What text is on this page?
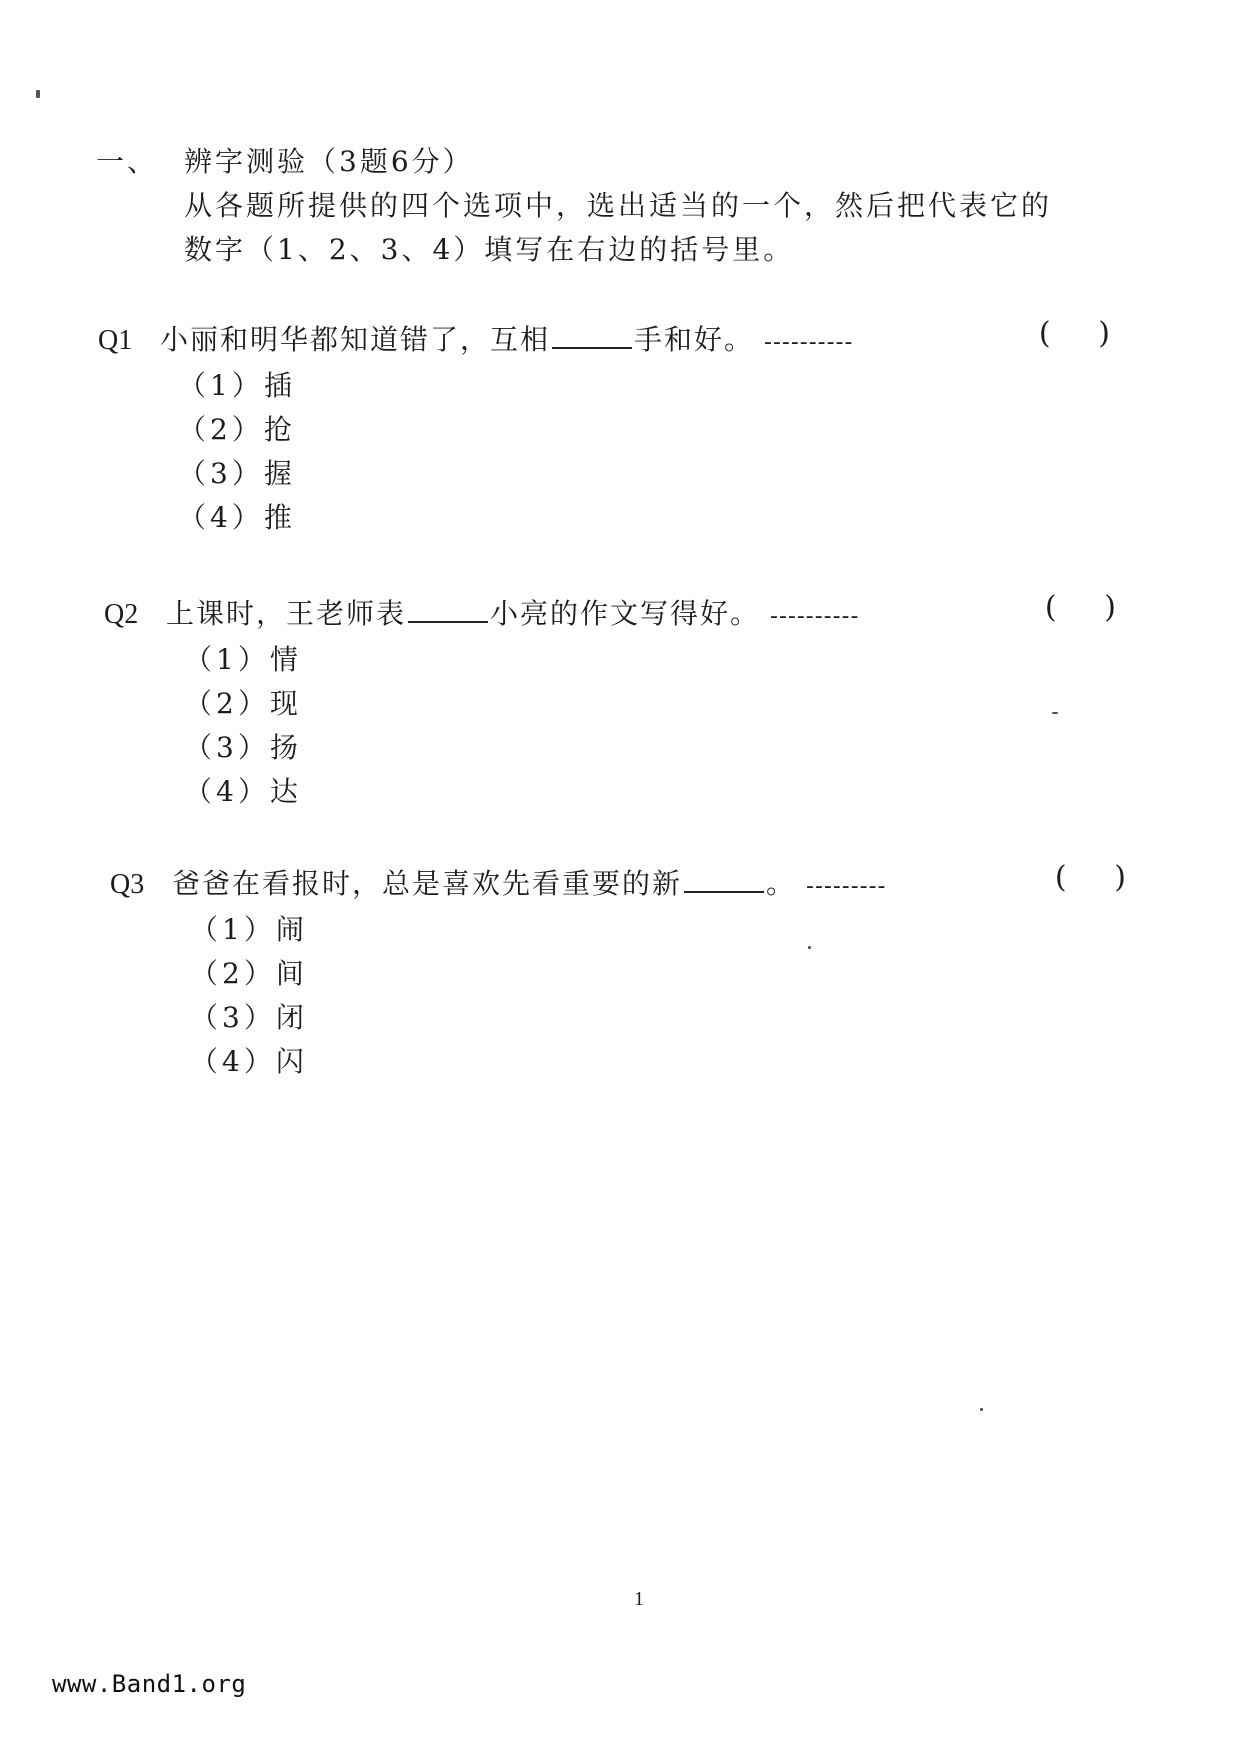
一、 辨字测验（3题6分）
从各题所提供的四个选项中，选出适当的一个，然后把代表它的
数字（1、2、3、4）填写在右边的括号里。
Q1 小丽和明华都知道错了，互相	手和好。 ----------	(     )
（1）插
（2）抢
（3）握
（4）推
Q2 上课时，王老师表	小亮的作文写得好。 ----------	(     )
（1）情
（2）现
（3）扬
（4）达
Q3 爸爸在看报时，总是喜欢先看重要的新	。 ---------	(     )
（1）闹
（2）间
（3）闭
（4）闪
1
www.Band1.org
